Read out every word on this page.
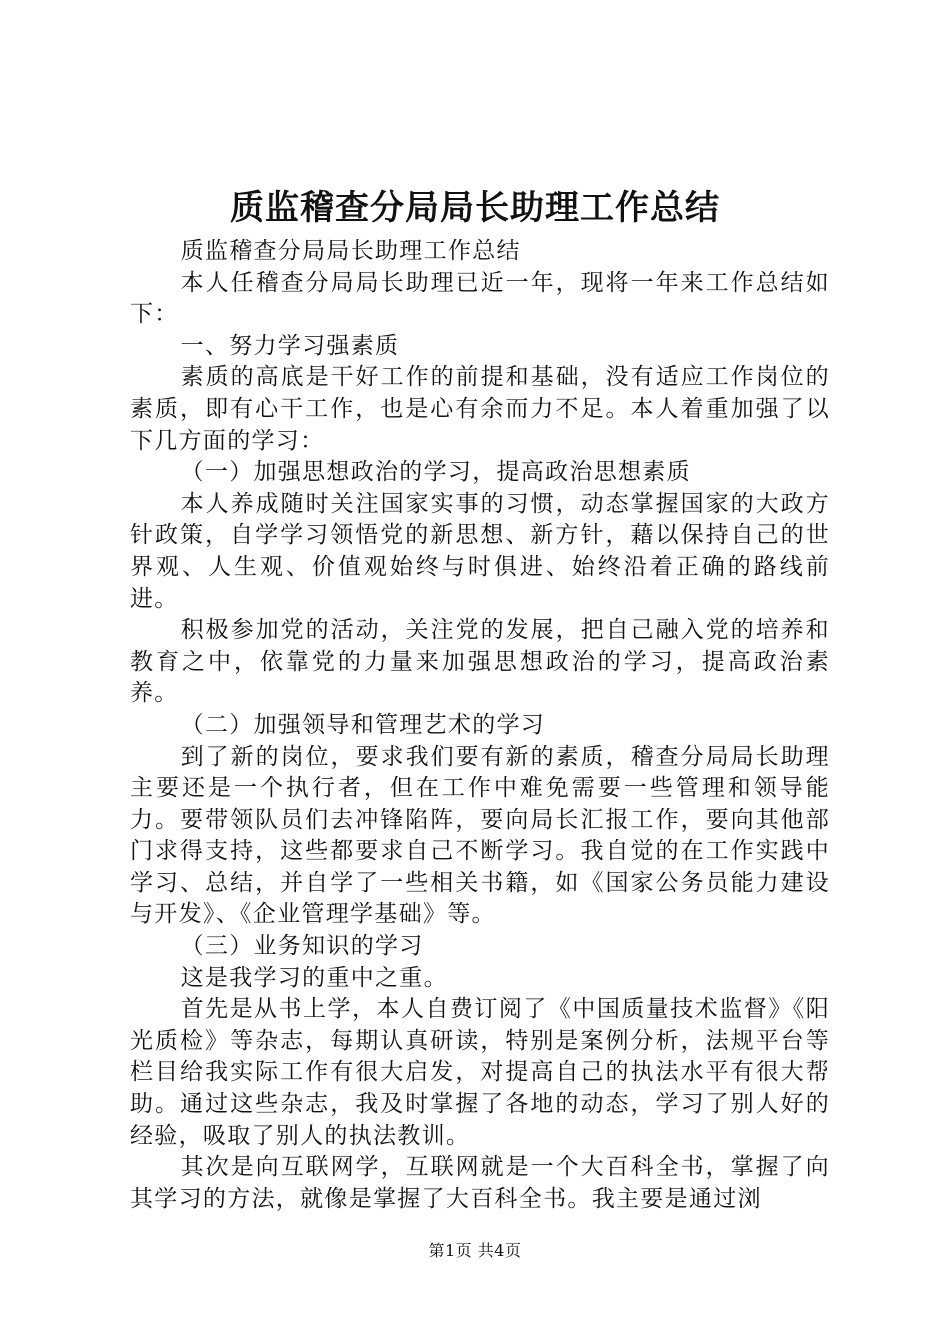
质监稽查分局局长助理工作总结

质监稽查分局局长助理工作总结

本人任稽查分局局长助理已近一年，现将一年来工作总结如下：

一、努力学习强素质

素质的高底是干好工作的前提和基础，没有适应工作岗位的素质，即有心干工作，也是心有余而力不足。本人着重加强了以下几方面的学习：

（一）加强思想政治的学习，提高政治思想素质

本人养成随时关注国家实事的习惯，动态掌握国家的大政方针政策，自学学习领悟党的新思想、新方针，藉以保持自己的世界观、人生观、价值观始终与时俱进、始终沿着正确的路线前进。

积极参加党的活动，关注党的发展，把自己融入党的培养和教育之中，依靠党的力量来加强思想政治的学习，提高政治素养。

（二）加强领导和管理艺术的学习

到了新的岗位，要求我们要有新的素质，稽查分局局长助理主要还是一个执行者，但在工作中难免需要一些管理和领导能力。要带领队员们去冲锋陷阵，要向局长汇报工作，要向其他部门求得支持，这些都要求自己不断学习。我自觉的在工作实践中学习、总结，并自学了一些相关书籍，如《国家公务员能力建设与开发》、《企业管理学基础》等。

（三）业务知识的学习

这是我学习的重中之重。

首先是从书上学，本人自费订阅了《中国质量技术监督》《阳光质检》等杂志，每期认真研读，特别是案例分析，法规平台等栏目给我实际工作有很大启发，对提高自己的执法水平有很大帮助。通过这些杂志，我及时掌握了各地的动态，学习了别人好的经验，吸取了别人的执法教训。

其次是向互联网学，互联网就是一个大百科全书，掌握了向其学习的方法，就像是掌握了大百科全书。我主要是通过浏

第1页 共4页
